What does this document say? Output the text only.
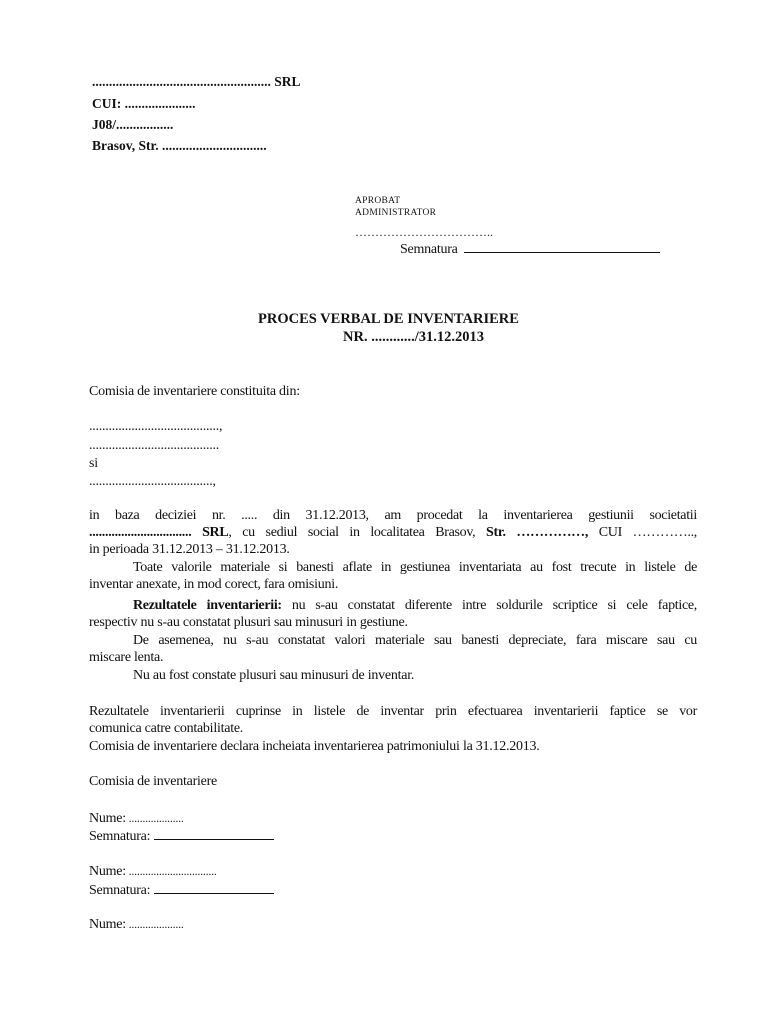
..................................................... SRL
CUI: .....................
J08/.................
Brasov, Str. ...............................
APROBAT
ADMINISTRATOR
……………………………..
Semnatura
PROCES VERBAL DE INVENTARIERE
NR. ............/31.12.2013
Comisia de inventariere constituita din:
........................................,
........................................
si
......................................,
in baza deciziei nr. ..... din 31.12.2013, am procedat la inventarierea gestiunii societatii
................................ SRL, cu sediul social in localitatea Brasov, Str. ……………, CUI …………..,
in perioada 31.12.2013 – 31.12.2013.
Toate valorile materiale si banesti aflate in gestiunea inventariata au fost trecute in listele de
inventar anexate, in mod corect, fara omisiuni.
Rezultatele inventarierii: nu s-au constatat diferente intre soldurile scriptice si cele faptice,
respectiv nu s-au constatat plusuri sau minusuri in gestiune.
De asemenea, nu s-au constatat valori materiale sau banesti depreciate, fara miscare sau cu
miscare lenta.
Nu au fost constate plusuri sau minusuri de inventar.
Rezultatele inventarierii cuprinse in listele de inventar prin efectuarea inventarierii faptice se vor
comunica catre contabilitate.
Comisia de inventariere declara incheiata inventarierea patrimoniului la 31.12.2013.
Comisia de inventariere
Nume: ....................
Semnatura:
Nume: ................................
Semnatura:
Nume: ....................
